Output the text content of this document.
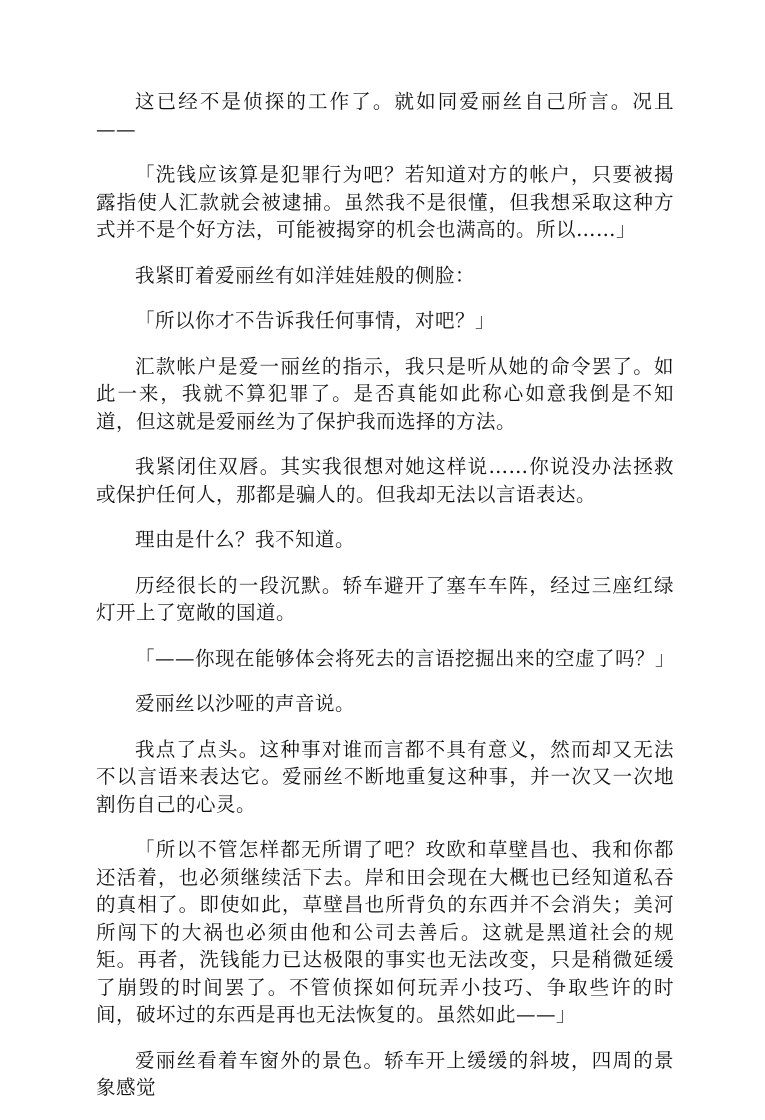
这已经不是侦探的工作了。就如同爱丽丝自己所言。况且——

「洗钱应该算是犯罪行为吧？若知道对方的帐户，只要被揭露指使人汇款就会被逮捕。虽然我不是很懂，但我想采取这种方式并不是个好方法，可能被揭穿的机会也满高的。所以……」

我紧盯着爱丽丝有如洋娃娃般的侧脸：

「所以你才不告诉我任何事情，对吧？」

汇款帐户是爱一丽丝的指示，我只是听从她的命令罢了。如此一来，我就不算犯罪了。是否真能如此称心如意我倒是不知道，但这就是爱丽丝为了保护我而选择的方法。

我紧闭住双唇。其实我很想对她这样说……你说没办法拯救或保护任何人，那都是骗人的。但我却无法以言语表达。

理由是什么？我不知道。

历经很长的一段沉默。轿车避开了塞车车阵，经过三座红绿灯开上了宽敞的国道。

「——你现在能够体会将死去的言语挖掘出来的空虚了吗？」

爱丽丝以沙哑的声音说。

我点了点头。这种事对谁而言都不具有意义，然而却又无法不以言语来表达它。爱丽丝不断地重复这种事，并一次又一次地割伤自己的心灵。

「所以不管怎样都无所谓了吧？玫欧和草壁昌也、我和你都还活着，也必须继续活下去。岸和田会现在大概也已经知道私吞的真相了。即使如此，草壁昌也所背负的东西并不会消失；美河所闯下的大祸也必须由他和公司去善后。这就是黑道社会的规矩。再者，洗钱能力已达极限的事实也无法改变，只是稍微延缓了崩毁的时间罢了。不管侦探如何玩弄小技巧、争取些许的时间，破坏过的东西是再也无法恢复的。虽然如此——」

爱丽丝看着车窗外的景色。轿车开上缓缓的斜坡，四周的景象感觉
